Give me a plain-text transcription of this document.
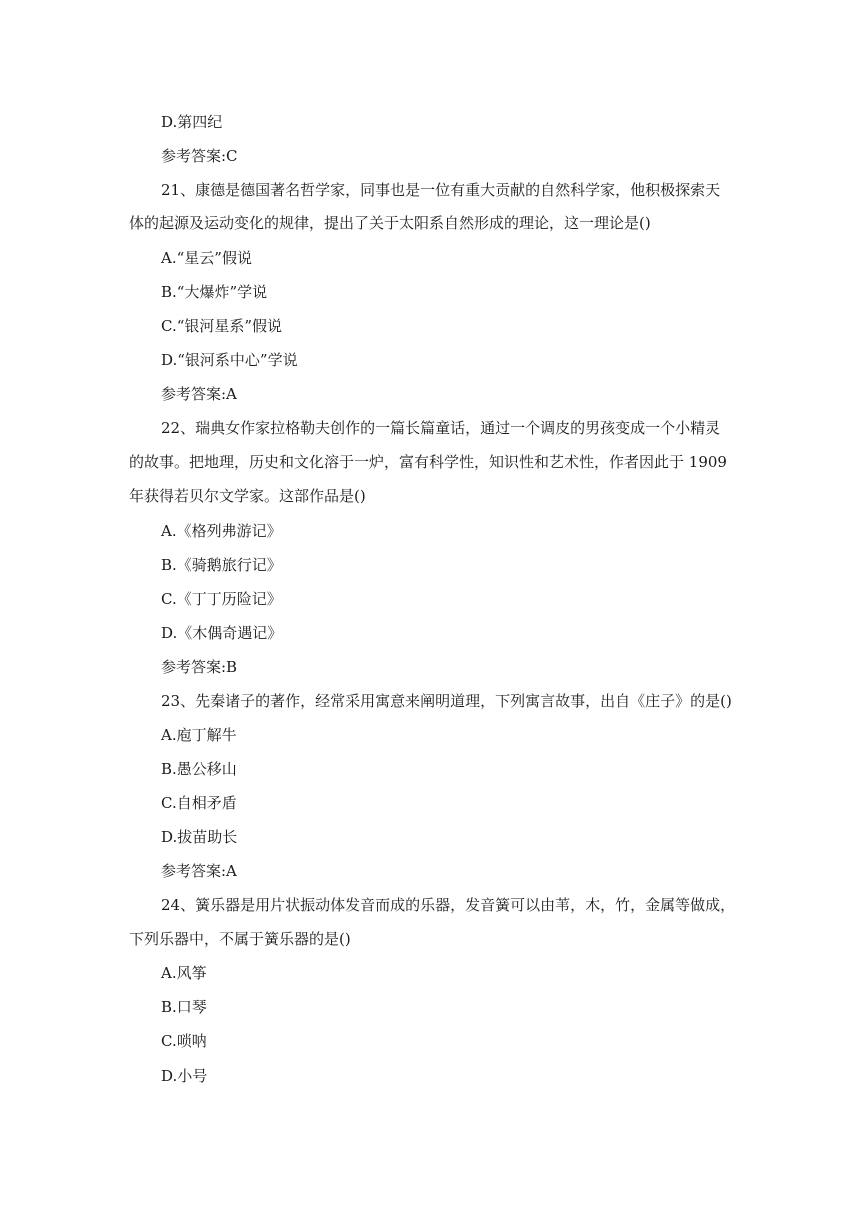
D.第四纪
参考答案:C
21、康德是德国著名哲学家，同事也是一位有重大贡献的自然科学家，他积极探索天
体的起源及运动变化的规律，提出了关于太阳系自然形成的理论，这一理论是()
A.“星云”假说
B.“大爆炸”学说
C.“银河星系”假说
D.“银河系中心”学说
参考答案:A
22、瑞典女作家拉格勒夫创作的一篇长篇童话，通过一个调皮的男孩变成一个小精灵
的故事。把地理，历史和文化溶于一炉，富有科学性，知识性和艺术性，作者因此于 1909
年获得若贝尔文学家。这部作品是()
A.《格列弗游记》
B.《骑鹅旅行记》
C.《丁丁历险记》
D.《木偶奇遇记》
参考答案:B
23、先秦诸子的著作，经常采用寓意来阐明道理，下列寓言故事，出自《庄子》的是()
A.庖丁解牛
B.愚公移山
C.自相矛盾
D.拔苗助长
参考答案:A
24、簧乐器是用片状振动体发音而成的乐器，发音簧可以由苇，木，竹，金属等做成，
下列乐器中，不属于簧乐器的是()
A.风筝
B.口琴
C.唢呐
D.小号
